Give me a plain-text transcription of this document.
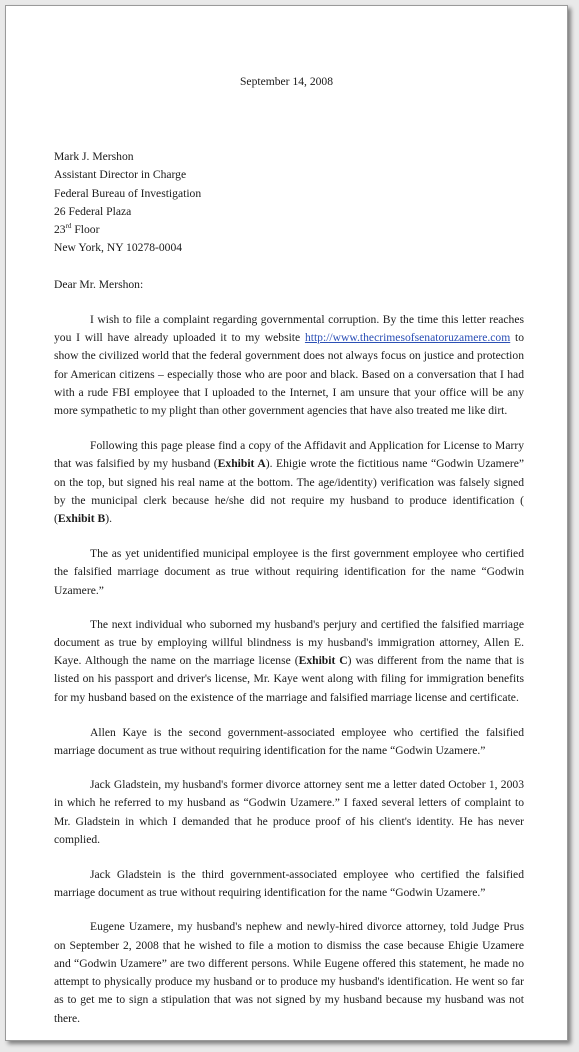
September 14, 2008
Mark J. Mershon
Assistant Director in Charge
Federal Bureau of Investigation
26 Federal Plaza
23rd Floor
New York, NY 10278-0004
Dear Mr. Mershon:

I wish to file a complaint regarding governmental corruption. By the time this letter reaches you I will have already uploaded it to my website http://www.thecrimesofsenatoruzamere.com to show the civilized world that the federal government does not always focus on justice and protection for American citizens – especially those who are poor and black. Based on a conversation that I had with a rude FBI employee that I uploaded to the Internet, I am unsure that your office will be any more sympathetic to my plight than other government agencies that have also treated me like dirt.

Following this page please find a copy of the Affidavit and Application for License to Marry that was falsified by my husband (Exhibit A). Ehigie wrote the fictitious name “Godwin Uzamere” on the top, but signed his real name at the bottom. The age/identity) verification was falsely signed by the municipal clerk because he/she did not require my husband to produce identification ( (Exhibit B).

The as yet unidentified municipal employee is the first government employee who certified the falsified marriage document as true without requiring identification for the name “Godwin Uzamere.”

The next individual who suborned my husband's perjury and certified the falsified marriage document as true by employing willful blindness is my husband's immigration attorney, Allen E. Kaye. Although the name on the marriage license (Exhibit C) was different from the name that is listed on his passport and driver's license, Mr. Kaye went along with filing for immigration benefits for my husband based on the existence of the marriage and falsified marriage license and certificate.

Allen Kaye is the second government-associated employee who certified the falsified marriage document as true without requiring identification for the name “Godwin Uzamere.”

Jack Gladstein, my husband's former divorce attorney sent me a letter dated October 1, 2003 in which he referred to my husband as “Godwin Uzamere.” I faxed several letters of complaint to Mr. Gladstein in which I demanded that he produce proof of his client's identity. He has never complied.

Jack Gladstein is the third government-associated employee who certified the falsified marriage document as true without requiring identification for the name “Godwin Uzamere.”

Eugene Uzamere, my husband's nephew and newly-hired divorce attorney, told Judge Prus on September 2, 2008 that he wished to file a motion to dismiss the case because Ehigie Uzamere and “Godwin Uzamere” are two different persons. While Eugene offered this statement, he made no attempt to physically produce my husband or to produce my husband's identification. He went so far as to get me to sign a stipulation that was not signed by my husband because my husband was not there.
